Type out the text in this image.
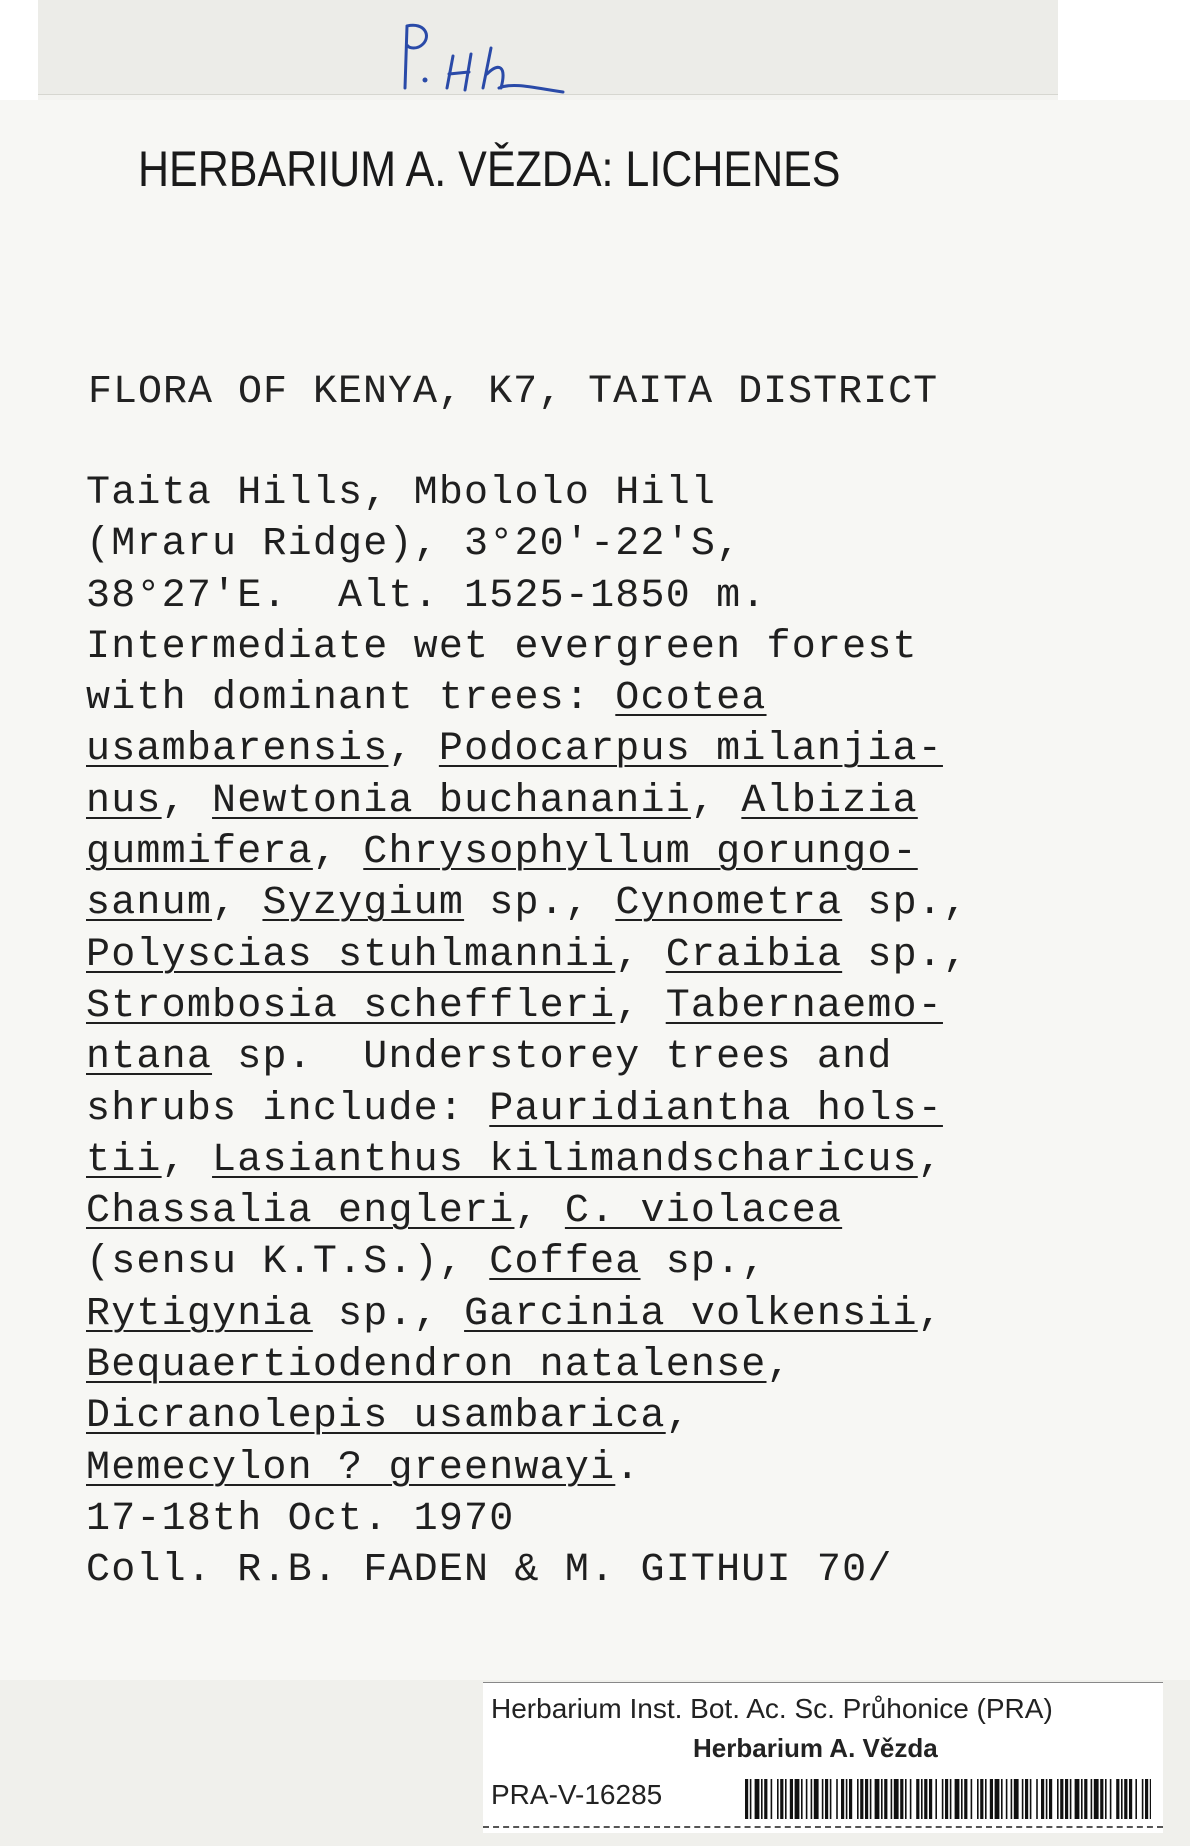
HERBARIUM A. VĚZDA: LICHENES
FLORA OF KENYA, K7, TAITA DISTRICT
Taita Hills, Mbololo Hill
(Mraru Ridge), 3°20'-22'S,
38°27'E.  Alt. 1525-1850 m.
Intermediate wet evergreen forest
with dominant trees: Ocotea
usambarensis, Podocarpus milanjia-
nus, Newtonia buchananii, Albizia
gummifera, Chrysophyllum gorungo-
sanum, Syzygium sp., Cynometra sp.,
Polyscias stuhlmannii, Craibia sp.,
Strombosia scheffleri, Tabernaemo-
ntana sp.  Understorey trees and
shrubs include: Pauridiantha hols-
tii, Lasianthus kilimandscharicus,
Chassalia engleri, C. violacea
(sensu K.T.S.), Coffea sp.,
Rytigynia sp., Garcinia volkensii,
Bequaertiodendron natalense,
Dicranolepis usambarica,
Memecylon ? greenwayi.
17-18th Oct. 1970
Coll. R.B. FADEN & M. GITHUI 70/
Herbarium Inst. Bot. Ac. Sc. Průhonice (PRA)
Herbarium A. Vězda
PRA-V-16285
